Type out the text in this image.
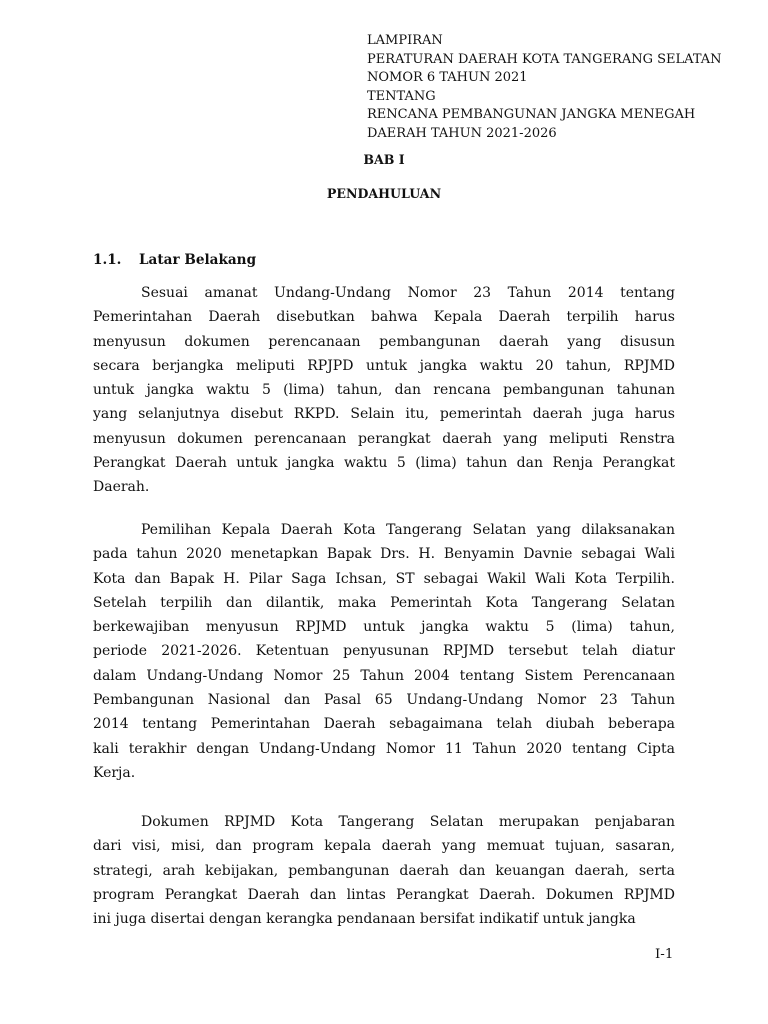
LAMPIRAN
PERATURAN DAERAH KOTA TANGERANG SELATAN
NOMOR 6 TAHUN 2021
TENTANG
RENCANA PEMBANGUNAN JANGKA MENEGAH
DAERAH TAHUN 2021-2026
BAB I
PENDAHULUAN
1.1. Latar Belakang
Sesuai amanat Undang-Undang Nomor 23 Tahun 2014 tentang
Pemerintahan Daerah disebutkan bahwa Kepala Daerah terpilih harus
menyusun dokumen perencanaan pembangunan daerah yang disusun
secara berjangka meliputi RPJPD untuk jangka waktu 20 tahun, RPJMD
untuk jangka waktu 5 (lima) tahun, dan rencana pembangunan tahunan
yang selanjutnya disebut RKPD. Selain itu, pemerintah daerah juga harus
menyusun dokumen perencanaan perangkat daerah yang meliputi Renstra
Perangkat Daerah untuk jangka waktu 5 (lima) tahun dan Renja Perangkat
Daerah.
Pemilihan Kepala Daerah Kota Tangerang Selatan yang dilaksanakan
pada tahun 2020 menetapkan Bapak Drs. H. Benyamin Davnie sebagai Wali
Kota dan Bapak H. Pilar Saga Ichsan, ST sebagai Wakil Wali Kota Terpilih.
Setelah terpilih dan dilantik, maka Pemerintah Kota Tangerang Selatan
berkewajiban menyusun RPJMD untuk jangka waktu 5 (lima) tahun,
periode 2021-2026. Ketentuan penyusunan RPJMD tersebut telah diatur
dalam Undang-Undang Nomor 25 Tahun 2004 tentang Sistem Perencanaan
Pembangunan Nasional dan Pasal 65 Undang-Undang Nomor 23 Tahun
2014 tentang Pemerintahan Daerah sebagaimana telah diubah beberapa
kali terakhir dengan Undang-Undang Nomor 11 Tahun 2020 tentang Cipta
Kerja.
Dokumen RPJMD Kota Tangerang Selatan merupakan penjabaran
dari visi, misi, dan program kepala daerah yang memuat tujuan, sasaran,
strategi, arah kebijakan, pembangunan daerah dan keuangan daerah, serta
program Perangkat Daerah dan lintas Perangkat Daerah. Dokumen RPJMD
ini juga disertai dengan kerangka pendanaan bersifat indikatif untuk jangka
I-1
